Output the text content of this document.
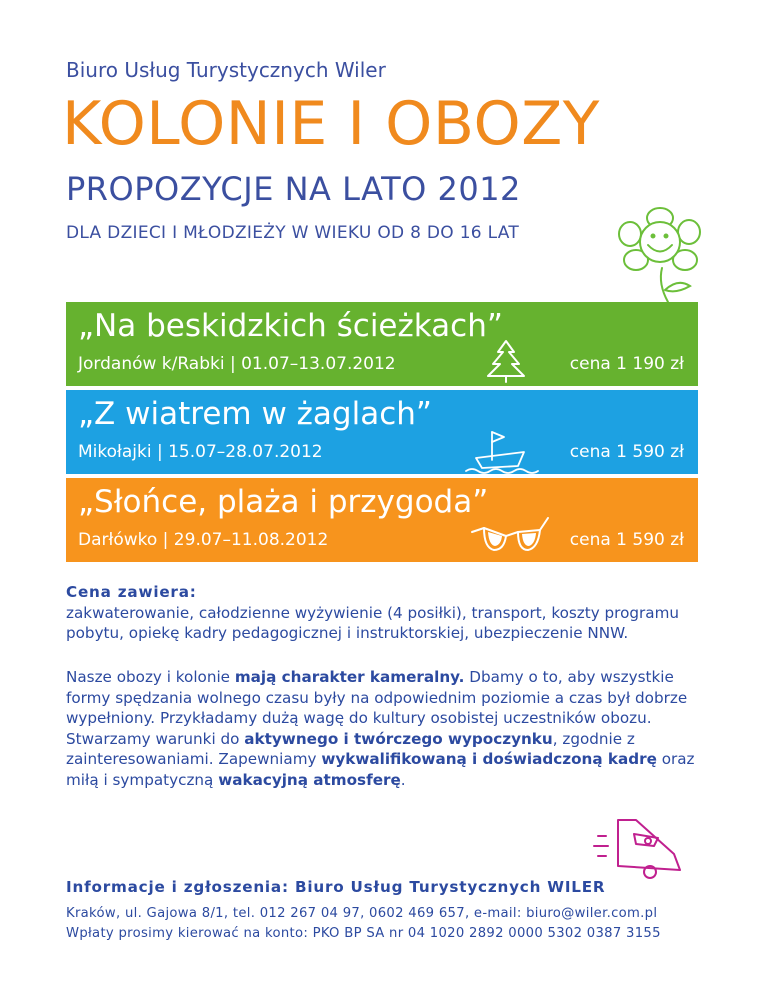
Biuro Usług Turystycznych Wiler
KOLONIE I OBOZY
PROPOZYCJE NA LATO 2012
DLA DZIECI I MŁODZIEŻY W WIEKU OD 8 DO 16 LAT
„Na beskidzkich ścieżkach”
Jordanów k/Rabki | 01.07–13.07.2012	cena 1 190 zł
„Z wiatrem w żaglach”
Mikołajki | 15.07–28.07.2012	cena 1 590 zł
„Słońce, plaża i przygoda”
Darłówko | 29.07–11.08.2012	cena 1 590 zł
Cena zawiera:
zakwaterowanie, całodzienne wyżywienie (4 posiłki), transport, koszty programu pobytu, opiekę kadry pedagogicznej i instruktorskiej, ubezpieczenie NNW.
Nasze obozy i kolonie mają charakter kameralny. Dbamy o to, aby wszystkie formy spędzania wolnego czasu były na odpowiednim poziomie a czas był dobrze wypełniony. Przykładamy dużą wagę do kultury osobistej uczestników obozu. Stwarzamy warunki do aktywnego i twórczego wypoczynku, zgodnie z zainteresowaniami. Zapewniamy wykwalifikowaną i doświadczoną kadrę oraz miłą i sympatyczną wakacyjną atmosferę.
Informacje i zgłoszenia: Biuro Usług Turystycznych WILER
Kraków, ul. Gajowa 8/1, tel. 012 267 04 97, 0602 469 657, e-mail: biuro@wiler.com.pl
Wpłaty prosimy kierować na konto: PKO BP SA nr 04 1020 2892 0000 5302 0387 3155
